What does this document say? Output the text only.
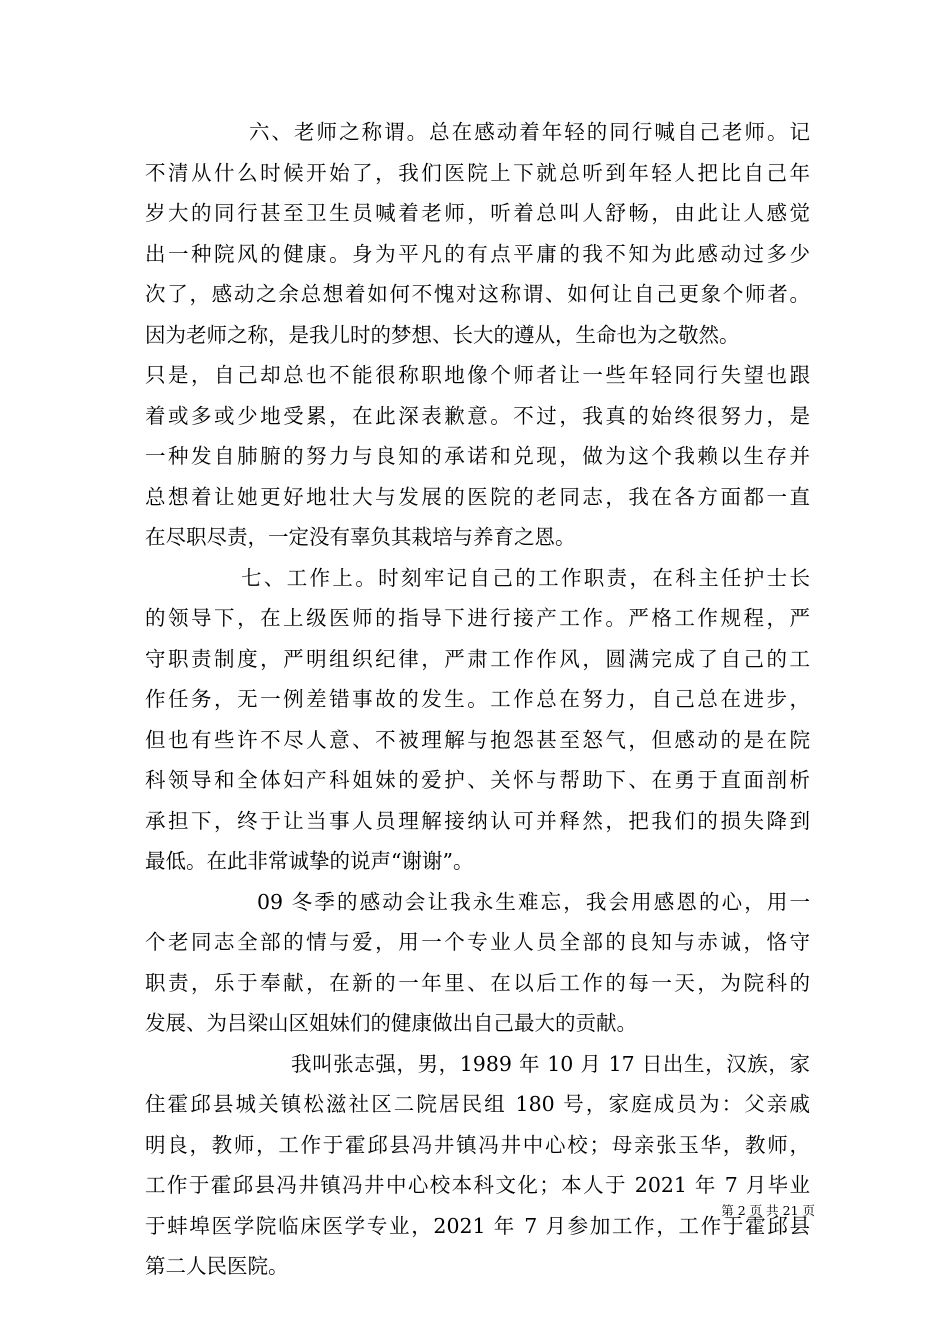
六、老师之称谓。总在感动着年轻的同行喊自己老师。记
不清从什么时候开始了，我们医院上下就总听到年轻人把比自己年
岁大的同行甚至卫生员喊着老师，听着总叫人舒畅，由此让人感觉
出一种院风的健康。身为平凡的有点平庸的我不知为此感动过多少
次了，感动之余总想着如何不愧对这称谓、如何让自己更象个师者。
因为老师之称，是我儿时的梦想、长大的遵从，生命也为之敬然。
只是，自己却总也不能很称职地像个师者让一些年轻同行失望也跟
着或多或少地受累，在此深表歉意。不过，我真的始终很努力，是
一种发自肺腑的努力与良知的承诺和兑现，做为这个我赖以生存并
总想着让她更好地壮大与发展的医院的老同志，我在各方面都一直
在尽职尽责，一定没有辜负其栽培与养育之恩。
七、工作上。时刻牢记自己的工作职责，在科主任护士长
的领导下，在上级医师的指导下进行接产工作。严格工作规程，严
守职责制度，严明组织纪律，严肃工作作风，圆满完成了自己的工
作任务，无一例差错事故的发生。工作总在努力，自己总在进步，
但也有些许不尽人意、不被理解与抱怨甚至怒气，但感动的是在院
科领导和全体妇产科姐妹的爱护、关怀与帮助下、在勇于直面剖析
承担下，终于让当事人员理解接纳认可并释然，把我们的损失降到
最低。在此非常诚挚的说声“谢谢”。
09 冬季的感动会让我永生难忘，我会用感恩的心，用一
个老同志全部的情与爱，用一个专业人员全部的良知与赤诚，恪守
职责，乐于奉献，在新的一年里、在以后工作的每一天，为院科的
发展、为吕梁山区姐妹们的健康做出自己最大的贡献。
我叫张志强，男，1989 年 10 月 17 日出生，汉族，家
住霍邱县城关镇松滋社区二院居民组 180 号，家庭成员为：父亲戚
明良，教师，工作于霍邱县冯井镇冯井中心校；母亲张玉华，教师，
工作于霍邱县冯井镇冯井中心校本科文化；本人于 2021 年 7 月毕业
于蚌埠医学院临床医学专业，2021 年 7 月参加工作，工作于霍邱县
第二人民医院。
第 2 页 共 21 页
